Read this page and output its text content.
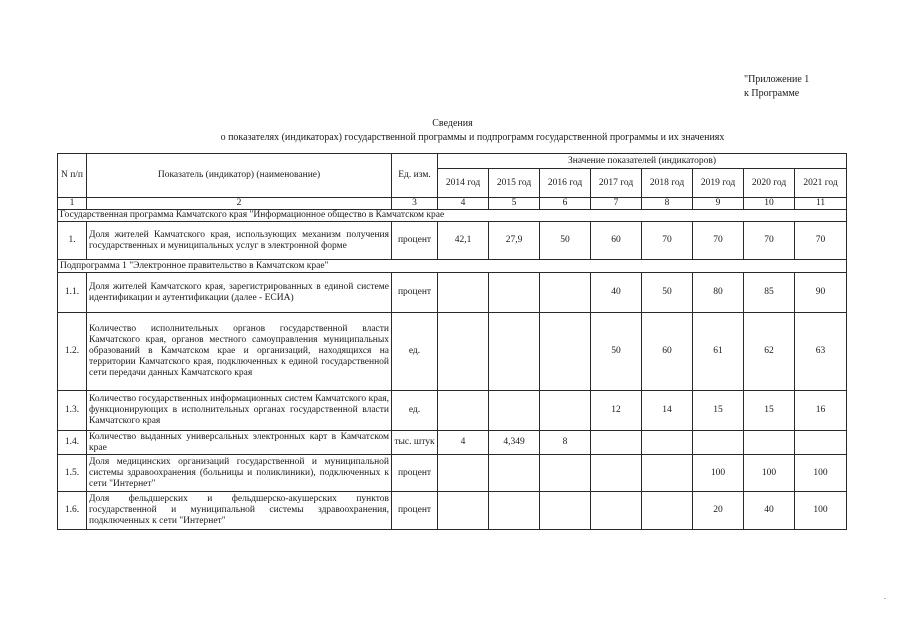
"Приложение 1
к Программе
Сведения
о показателях (индикаторах) государственной программы и подпрограмм государственной программы и их значениях
N п/п	Показатель (индикатор) (наименование)	Ед. изм.	Значение показателей (индикаторов)							
			2014 год	2015 год	2016 год	2017 год	2018 год	2019 год	2020 год	2021 год
1	2	3	4	5	6	7	8	9	10	11
Государственная программа Камчатского края "Информационное общество в Камчатском крае										
1.	Доля жителей Камчатского края, использующих механизм получения государственных и муниципальных услуг в электронной форме	процент	42,1	27,9	50	60	70	70	70	70
Подпрограмма 1 "Электронное правительство в Камчатском крае"										
1.1.	Доля жителей Камчатского края, зарегистрированных в единой системе идентификации и аутентификации (далее - ЕСИА)	процент				40	50	80	85	90
1.2.	Количество исполнительных органов государственной власти Камчатского края, органов местного самоуправления муниципальных образований в Камчатском крае и организаций, находящихся на территории Камчатского края, подключенных к единой государственной сети передачи данных Камчатского края	ед.				50	60	61	62	63
1.3.	Количество государственных информационных систем Камчатского края, функционирующих в исполнительных органах государственной власти Камчатского края	ед.				12	14	15	15	16
1.4.	Количество выданных универсальных электронных карт в Камчатском крае	тыс. штук	4	4,349	8					
1.5.	Доля медицинских организаций государственной и муниципальной системы здравоохранения (больницы и поликлиники), подключенных к сети "Интернет"	процент						100	100	100
1.6.	Доля фельдшерских и фельдшерско-акушерских пунктов государственной и муниципальной системы здравоохранения, подключенных к сети "Интернет"	процент						20	40	100
